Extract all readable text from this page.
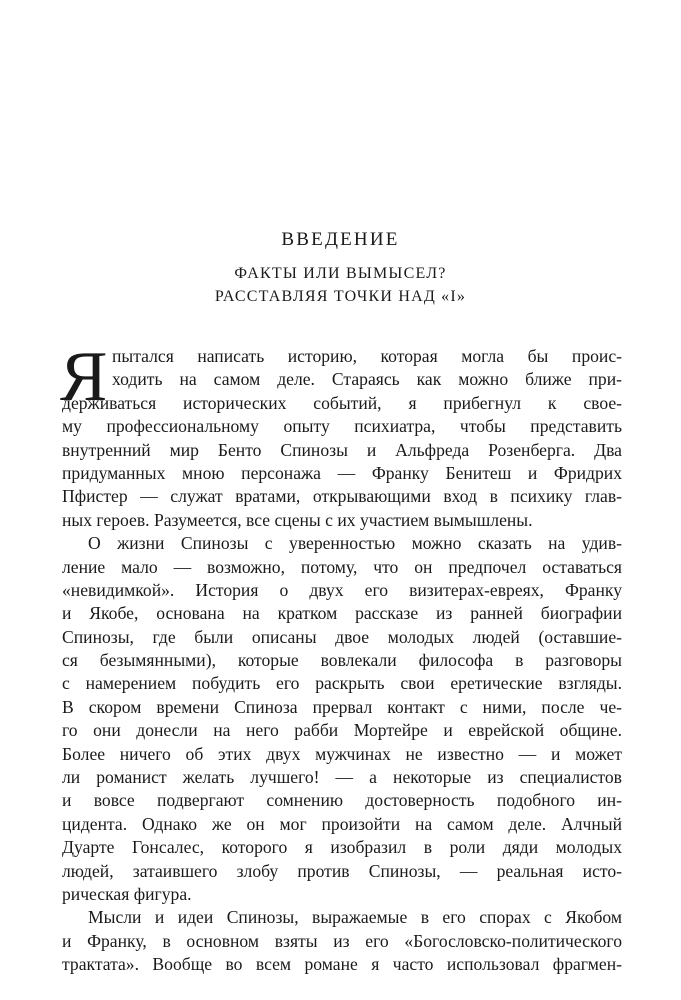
ВВЕДЕНИЕ
ФАКТЫ ИЛИ ВЫМЫСЕЛ?
РАССТАВЛЯЯ ТОЧКИ НАД «I»
Я пытался написать историю, которая могла бы проис-
ходить на самом деле. Стараясь как можно ближе при-
держиваться исторических событий, я прибегнул к свое-
му профессиональному опыту психиатра, чтобы представить
внутренний мир Бенто Спинозы и Альфреда Розенберга. Два
придуманных мною персонажа — Франку Бенитеш и Фридрих
Пфистер — служат вратами, открывающими вход в психику глав-
ных героев. Разумеется, все сцены с их участием вымышлены.
О жизни Спинозы с уверенностью можно сказать на удив-
ление мало — возможно, потому, что он предпочел оставаться
«невидимкой». История о двух его визитерах-евреях, Франку
и Якобе, основана на кратком рассказе из ранней биографии
Спинозы, где были описаны двое молодых людей (оставшие-
ся безымянными), которые вовлекали философа в разговоры
с намерением побудить его раскрыть свои еретические взгляды.
В скором времени Спиноза прервал контакт с ними, после че-
го они донесли на него рабби Мортейре и еврейской общине.
Более ничего об этих двух мужчинах не известно — и может
ли романист желать лучшего! — а некоторые из специалистов
и вовсе подвергают сомнению достоверность подобного ин-
цидента. Однако же он мог произойти на самом деле. Алчный
Дуарте Гонсалес, которого я изобразил в роли дяди молодых
людей, затаившего злобу против Спинозы, — реальная исто-
рическая фигура.
Мысли и идеи Спинозы, выражаемые в его спорах с Якобом
и Франку, в основном взяты из его «Богословско-политического
трактата». Вообще во всем романе я часто использовал фрагмен-
